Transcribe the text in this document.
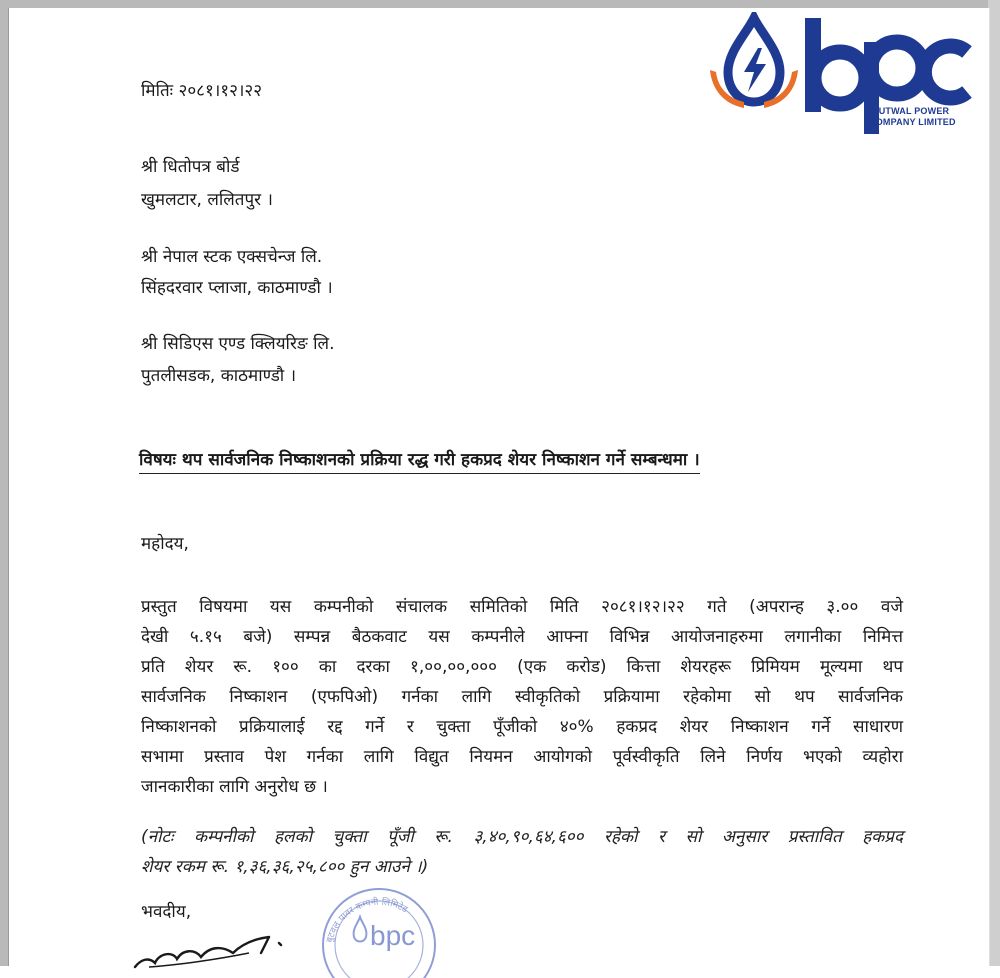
BUTWAL POWER
COMPANY LIMITED
मितिः २०८१।१२।२२
श्री धितोपत्र बोर्ड
खुमलटार, ललितपुर ।
श्री नेपाल स्टक एक्सचेन्ज लि.
सिंहदरवार प्लाजा, काठमाण्डौ ।
श्री सिडिएस एण्ड क्लियरिङ लि.
पुतलीसडक, काठमाण्डौ ।
विषयः थप सार्वजनिक निष्काशनको प्रक्रिया रद्ध गरी हकप्रद शेयर निष्काशन गर्ने सम्बन्धमा ।
महोदय,
प्रस्तुत विषयमा यस कम्पनीको संचालक समितिको मिति २०८१।१२।२२ गते (अपरान्ह ३.०० वजे
देखी ५.१५ बजे) सम्पन्न बैठकवाट यस कम्पनीले आफ्ना विभिन्न आयोजनाहरुमा लगानीका निमित्त
प्रति शेयर रू. १०० का दरका १,००,००,००० (एक करोड) कित्ता शेयरहरू प्रिमियम मूल्यमा थप
सार्वजनिक निष्काशन (एफपिओ) गर्नका लागि स्वीकृतिको प्रक्रियामा रहेकोमा सो थप सार्वजनिक
निष्काशनको प्रक्रियालाई रद्द गर्ने र चुक्ता पूँजीको ४०% हकप्रद शेयर निष्काशन गर्ने साधारण
सभामा प्रस्ताव पेश गर्नका लागि विद्युत नियमन आयोगको पूर्वस्वीकृति लिने निर्णय भएको व्यहोरा
जानकारीका लागि अनुरोध छ ।
(नोटः कम्पनीको हलको चुक्ता पूँजी रू. ३,४०,९०,६४,६०० रहेको र सो अनुसार प्रस्तावित हकप्रद
शेयर रकम रू. १,३६,३६,२५,८०० हुन आउने ।)
भवदीय,
bpc
बुटवल पावर कम्पनी लिमिटेड
